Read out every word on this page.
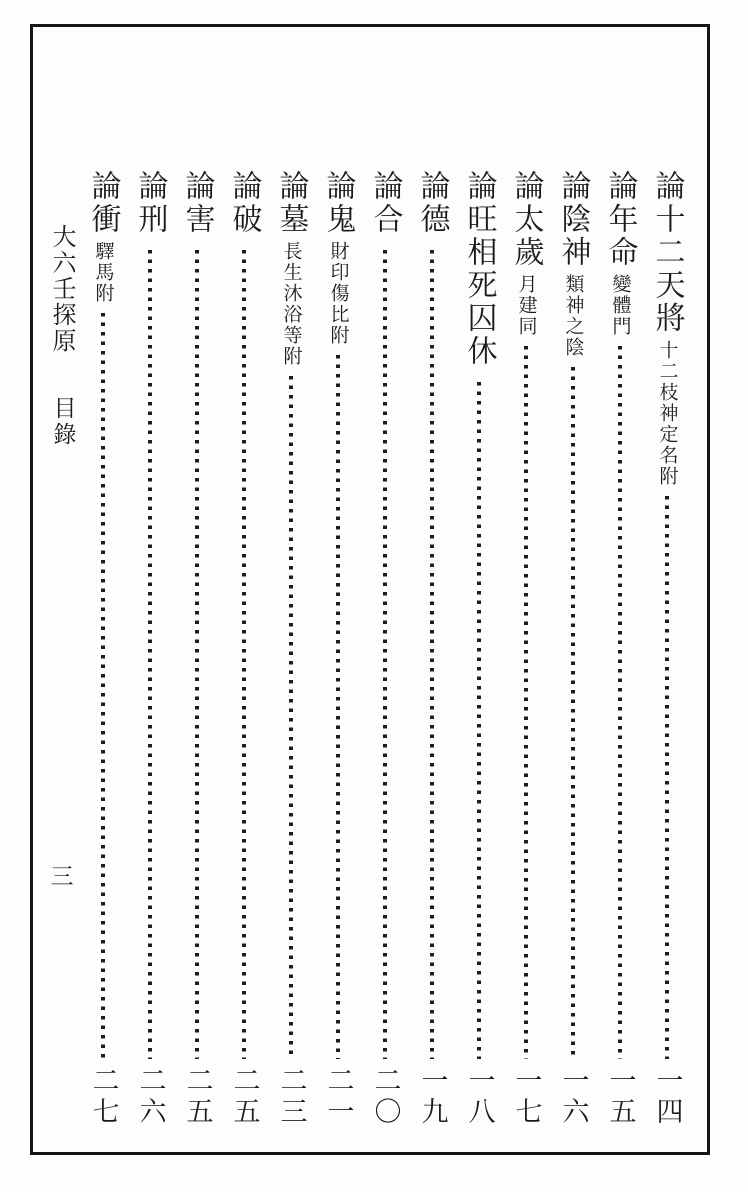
論十二天將
十二枝神定名附
一四
論年命
變體門
一五
論陰神
類神之陰
一六
論太歲
月建同
一七
論旺相死囚休
一八
論德
一九
論合
二〇
論鬼
財印傷比附
二一
論墓
長生沐浴等附
二三
論破
二五
論害
二五
論刑
二六
論衝
驛馬附
二七
大六壬探原
目錄
三
